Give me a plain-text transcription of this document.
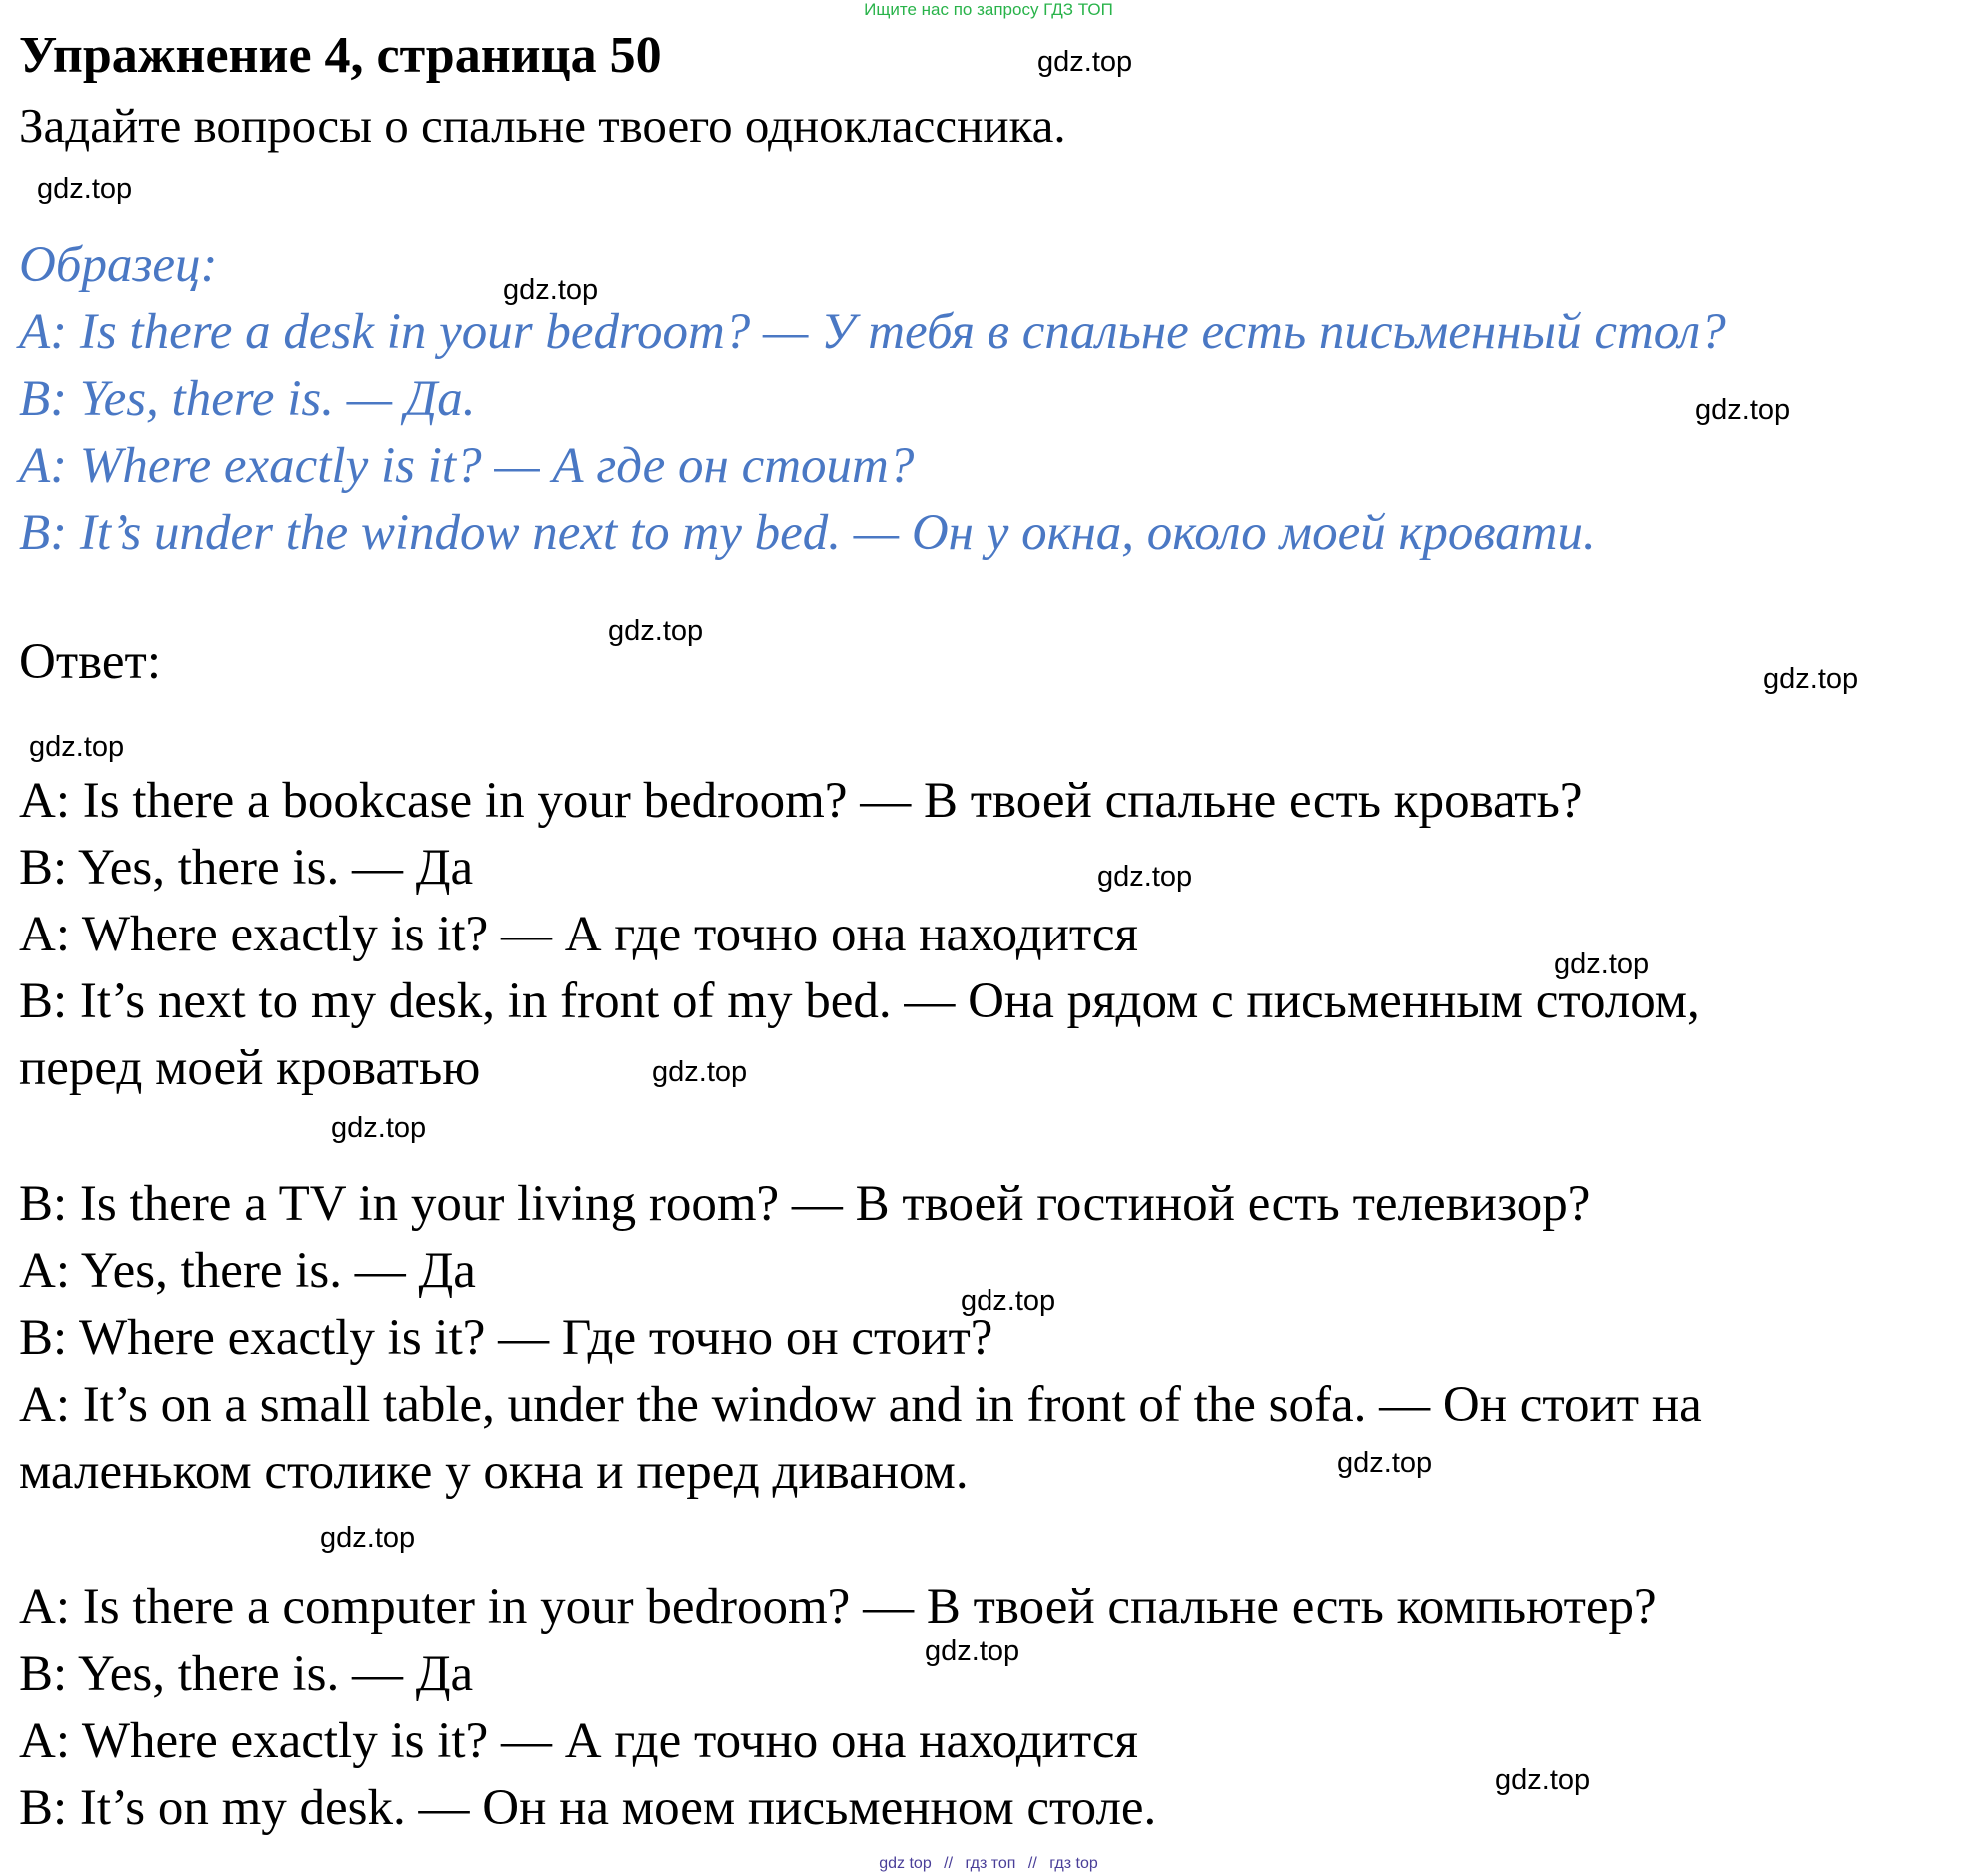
Ищите нас по запросу ГДЗ ТОП
Упражнение 4, страница 50
Задайте вопросы о спальне твоего одноклассника.
Образец:
A: Is there a desk in your bedroom? — У тебя в спальне есть письменный стол?
B: Yes, there is. — Да.
A: Where exactly is it? — А где он стоит?
B: It’s under the window next to my bed. — Он у окна, около моей кровати.
Ответ:
A: Is there a bookcase in your bedroom? — В твоей спальне есть кровать?
B: Yes, there is. — Да
A: Where exactly is it? — А где точно она находится
B: It’s next to my desk, in front of my bed. — Она рядом с письменным столом,
перед моей кроватью
B: Is there a TV in your living room? — В твоей гостиной есть телевизор?
A: Yes, there is. — Да
B: Where exactly is it? — Где точно он стоит?
A: It’s on a small table, under the window and in front of the sofa. — Он стоит на
маленьком столике у окна и перед диваном.
A: Is there a computer in your bedroom? — В твоей спальне есть компьютер?
B: Yes, there is. — Да
A: Where exactly is it? — А где точно она находится
B: It’s on my desk. — Он на моем письменном столе.
gdz.top
gdz.top
gdz.top
gdz.top
gdz.top
gdz.top
gdz.top
gdz.top
gdz.top
gdz.top
gdz.top
gdz.top
gdz.top
gdz.top
gdz.top
gdz.top
gdz top // гдз топ // гдз top
